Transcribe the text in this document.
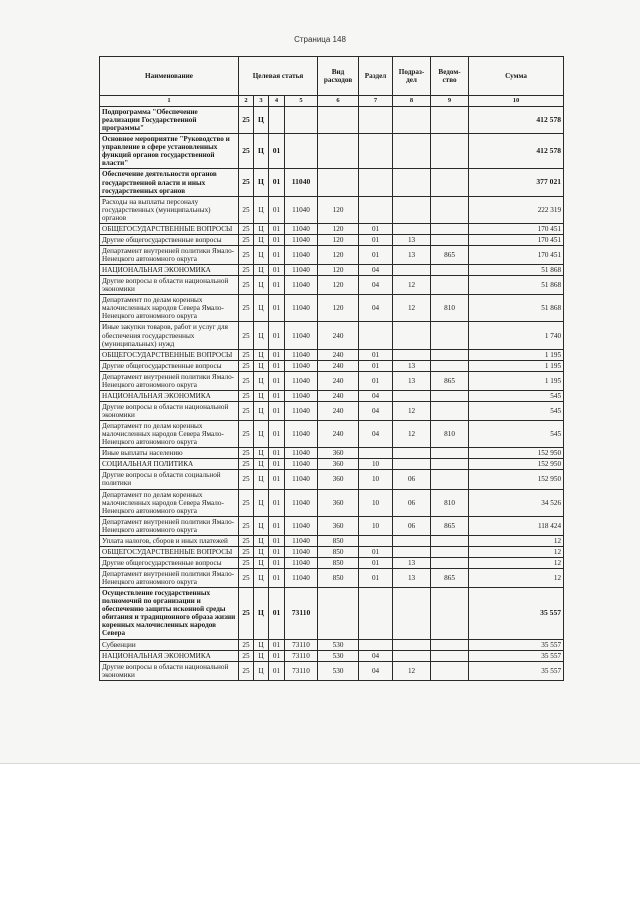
Страница 148
Наименование	Целевая статья				Вид расходов	Раздел	Подраз-дел	Ведом-ство	Сумма
1	2	3	4	5	6	7	8	9	10
Подпрограмма "Обеспечение реализации Государственной программы"	25	Ц							412 578
Основное мероприятие "Руководство и управление в сфере установленных функций органов государственной власти"	25	Ц	01						412 578
Обеспечение деятельности органов государственной власти и иных государственных органов	25	Ц	01	11040					377 021
Расходы на выплаты персоналу государственных (муниципальных) органов	25	Ц	01	11040	120				222 319
ОБЩЕГОСУДАРСТВЕННЫЕ ВОПРОСЫ	25	Ц	01	11040	120	01			170 451
Другие общегосударственные вопросы	25	Ц	01	11040	120	01	13		170 451
Департамент внутренней политики Ямало-Ненецкого автономного округа	25	Ц	01	11040	120	01	13	865	170 451
НАЦИОНАЛЬНАЯ ЭКОНОМИКА	25	Ц	01	11040	120	04			51 868
Другие вопросы в области национальной экономики	25	Ц	01	11040	120	04	12		51 868
Департамент по делам коренных малочисленных народов Севера Ямало-Ненецкого автономного округа	25	Ц	01	11040	120	04	12	810	51 868
Иные закупки товаров, работ и услуг для обеспечения государственных (муниципальных) нужд	25	Ц	01	11040	240				1 740
ОБЩЕГОСУДАРСТВЕННЫЕ ВОПРОСЫ	25	Ц	01	11040	240	01			1 195
Другие общегосударственные вопросы	25	Ц	01	11040	240	01	13		1 195
Департамент внутренней политики Ямало-Ненецкого автономного округа	25	Ц	01	11040	240	01	13	865	1 195
НАЦИОНАЛЬНАЯ ЭКОНОМИКА	25	Ц	01	11040	240	04			545
Другие вопросы в области национальной экономики	25	Ц	01	11040	240	04	12		545
Департамент по делам коренных малочисленных народов Севера Ямало-Ненецкого автономного округа	25	Ц	01	11040	240	04	12	810	545
Иные выплаты населению	25	Ц	01	11040	360				152 950
СОЦИАЛЬНАЯ ПОЛИТИКА	25	Ц	01	11040	360	10			152 950
Другие вопросы в области социальной политики	25	Ц	01	11040	360	10	06		152 950
Департамент по делам коренных малочисленных народов Севера Ямало-Ненецкого автономного округа	25	Ц	01	11040	360	10	06	810	34 526
Департамент внутренней политики Ямало-Ненецкого автономного округа	25	Ц	01	11040	360	10	06	865	118 424
Уплата налогов, сборов и иных платежей	25	Ц	01	11040	850				12
ОБЩЕГОСУДАРСТВЕННЫЕ ВОПРОСЫ	25	Ц	01	11040	850	01			12
Другие общегосударственные вопросы	25	Ц	01	11040	850	01	13		12
Департамент внутренней политики Ямало-Ненецкого автономного округа	25	Ц	01	11040	850	01	13	865	12
Осуществление государственных полномочий по организации и обеспечению защиты исконной среды обитания и традиционного образа жизни коренных малочисленных народов Севера	25	Ц	01	73110					35 557
Субвенции	25	Ц	01	73110	530				35 557
НАЦИОНАЛЬНАЯ ЭКОНОМИКА	25	Ц	01	73110	530	04			35 557
Другие вопросы в области национальной экономики	25	Ц	01	73110	530	04	12		35 557
